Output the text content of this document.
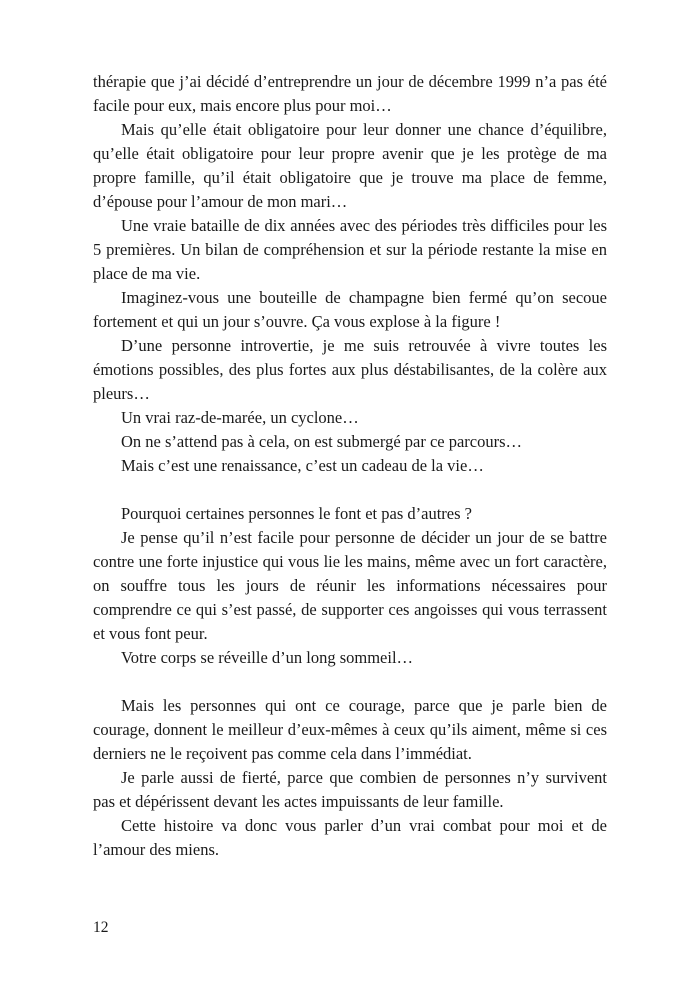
thérapie que j’ai décidé d’entreprendre un jour de décembre 1999 n’a pas été facile pour eux, mais encore plus pour moi…

Mais qu’elle était obligatoire pour leur donner une chance d’équilibre, qu’elle était obligatoire pour leur propre avenir que je les protège de ma propre famille, qu’il était obligatoire que je trouve ma place de femme, d’épouse pour l’amour de mon mari…

Une vraie bataille de dix années avec des périodes très difficiles pour les 5 premières. Un bilan de compréhension et sur la période restante la mise en place de ma vie.

Imaginez-vous une bouteille de champagne bien fermé qu’on secoue fortement et qui un jour s’ouvre. Ça vous explose à la figure !

D’une personne introvertie, je me suis retrouvée à vivre toutes les émotions possibles, des plus fortes aux plus déstabilisantes, de la colère aux pleurs…

Un vrai raz-de-marée, un cyclone…

On ne s’attend pas à cela, on est submergé par ce parcours…

Mais c’est une renaissance, c’est un cadeau de la vie…

Pourquoi certaines personnes le font et pas d’autres ?

Je pense qu’il n’est facile pour personne de décider un jour de se battre contre une forte injustice qui vous lie les mains, même avec un fort caractère, on souffre tous les jours de réunir les informations nécessaires pour comprendre ce qui s’est passé, de supporter ces angoisses qui vous terrassent et vous font peur.

Votre corps se réveille d’un long sommeil…

Mais les personnes qui ont ce courage, parce que je parle bien de courage, donnent le meilleur d’eux-mêmes à ceux qu’ils aiment, même si ces derniers ne le reçoivent pas comme cela dans l’immédiat.

Je parle aussi de fierté, parce que combien de personnes n’y survivent pas et dépérissent devant les actes impuissants de leur famille.

Cette histoire va donc vous parler d’un vrai combat pour moi et de l’amour des miens.

12
